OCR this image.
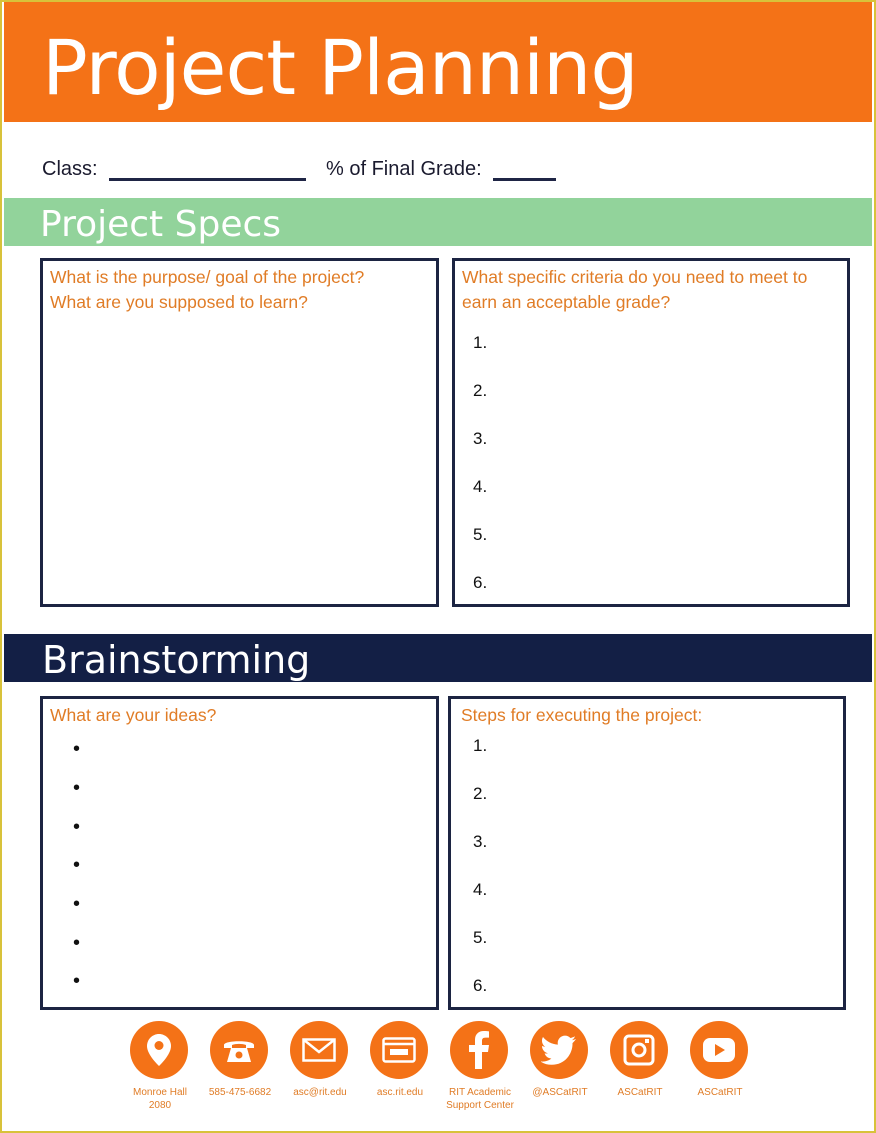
Project Planning
Class:	% of Final Grade:
Project Specs
What is the purpose/ goal of the project?
What are you supposed to learn?
What specific criteria do you need to meet to
earn an acceptable grade?
1.
2.
3.
4.
5.
6.
Brainstorming
What are your ideas?
•
•
•
•
•
•
•
Steps for executing the project:
1.
2.
3.
4.
5.
6.
Monroe Hall
2080
585-475-6682	asc@rit.edu	asc.rit.edu	RIT Academic
Support Center
@ASCatRIT	ASCatRIT	ASCatRIT
